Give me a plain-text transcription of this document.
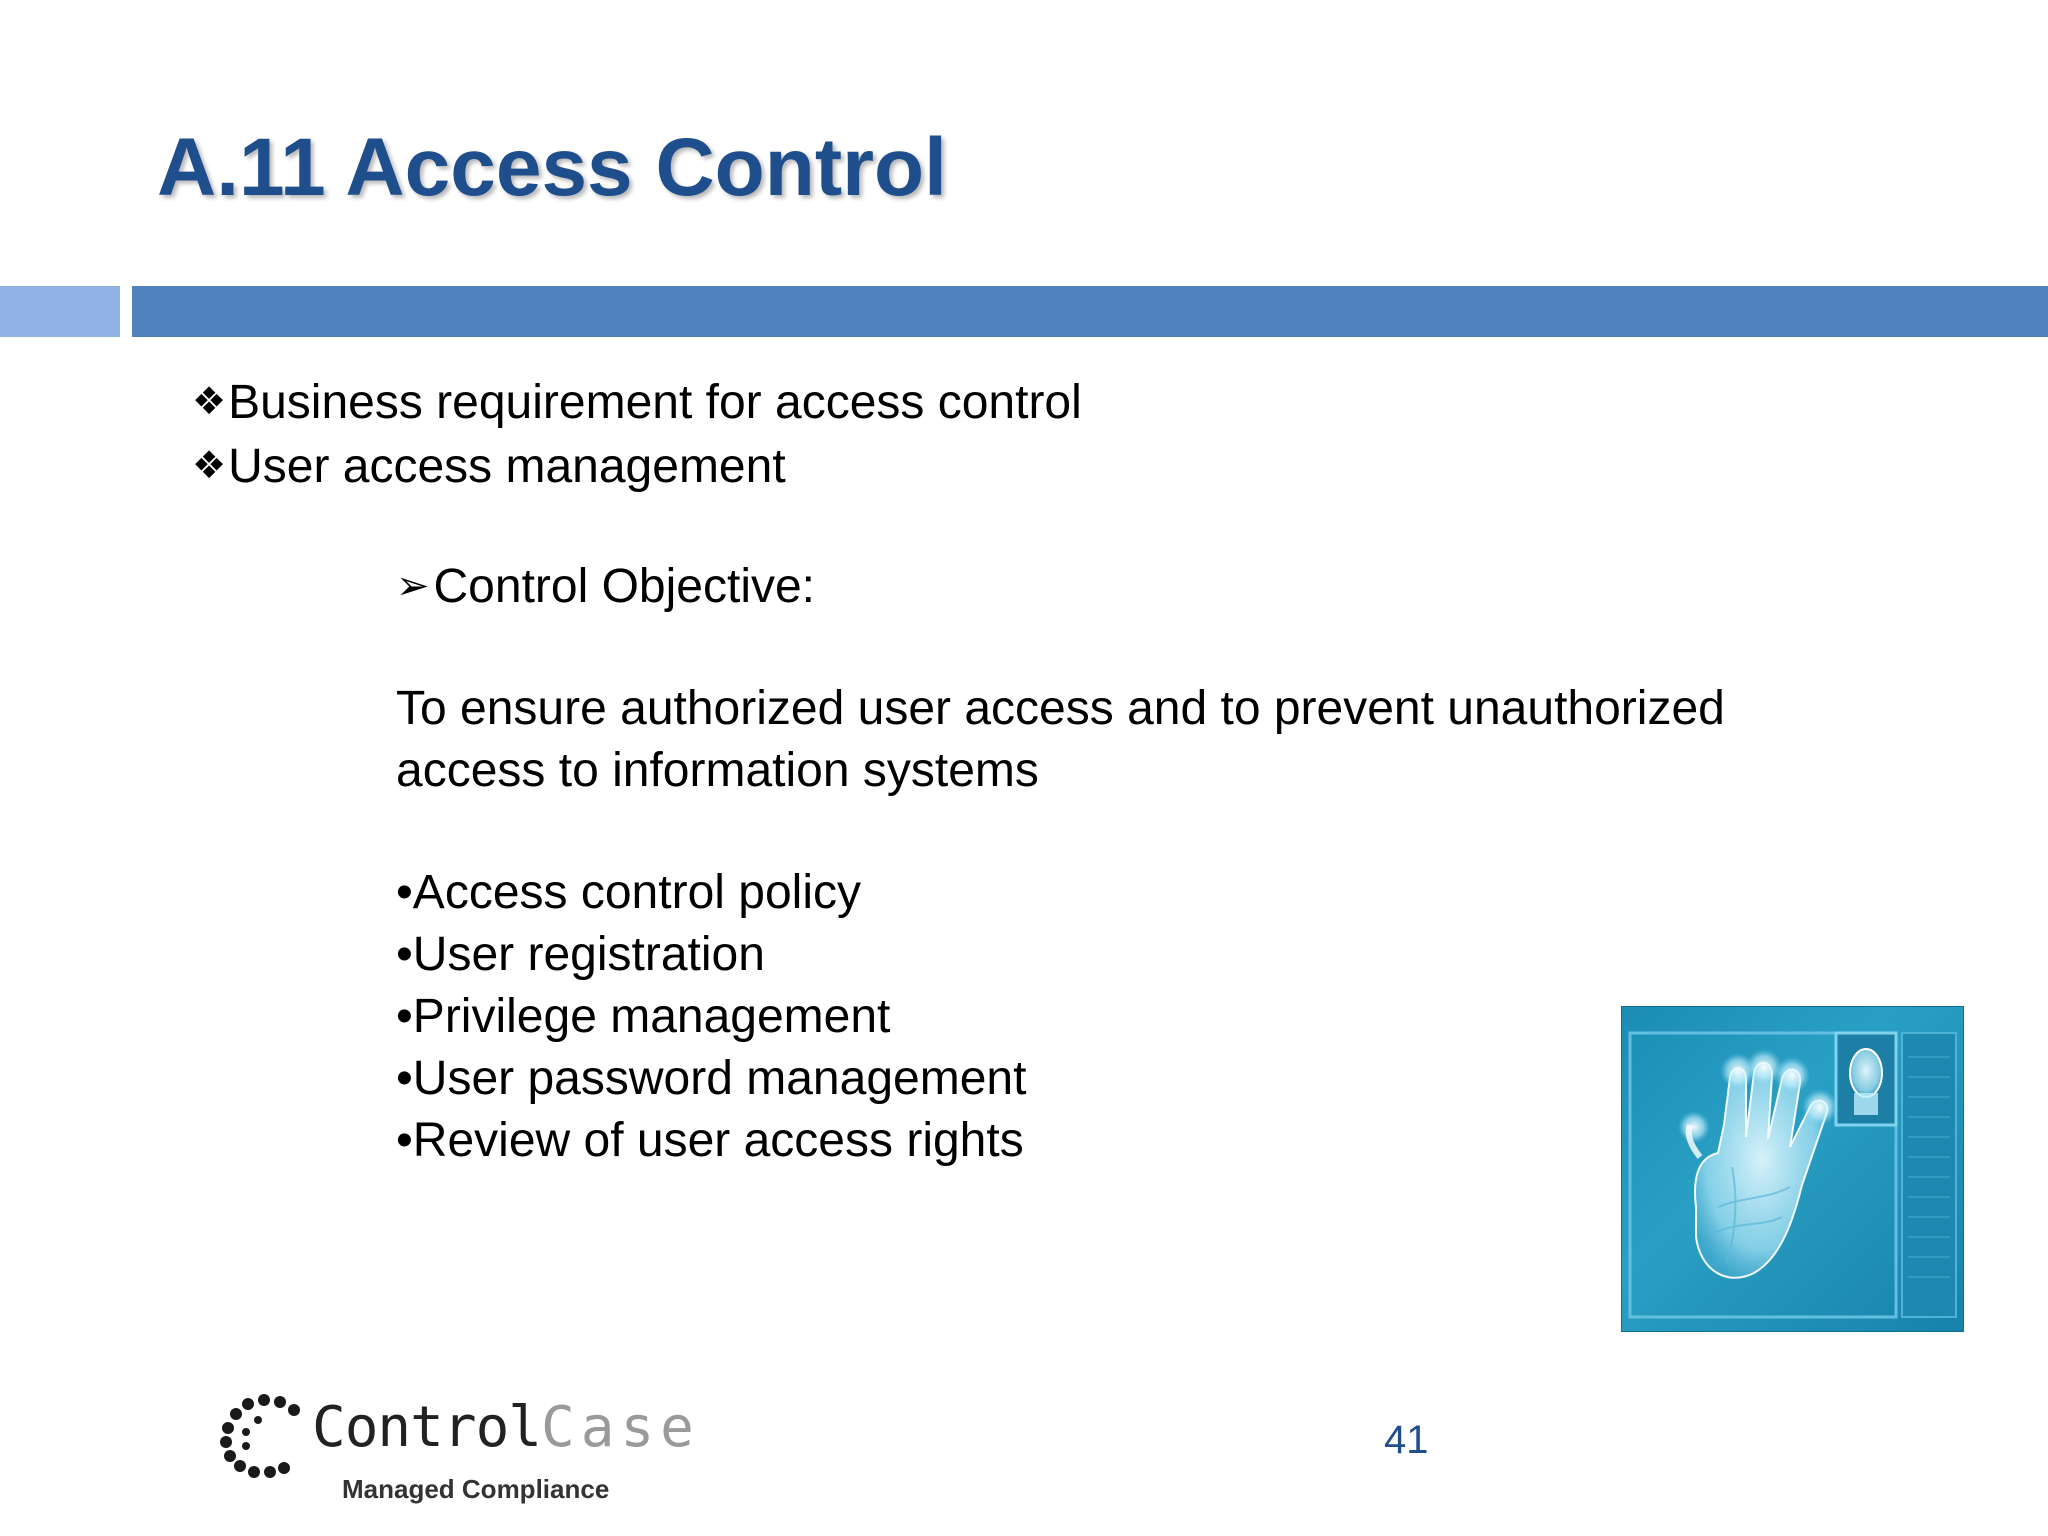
A.11 Access Control
❖Business requirement for access control
❖User access management
➢Control Objective:
To ensure authorized user access and to prevent unauthorized
access to information systems
•Access control policy
•User registration
•Privilege management
•User password management
•Review of user access rights
ControlCase
Managed Compliance
41
